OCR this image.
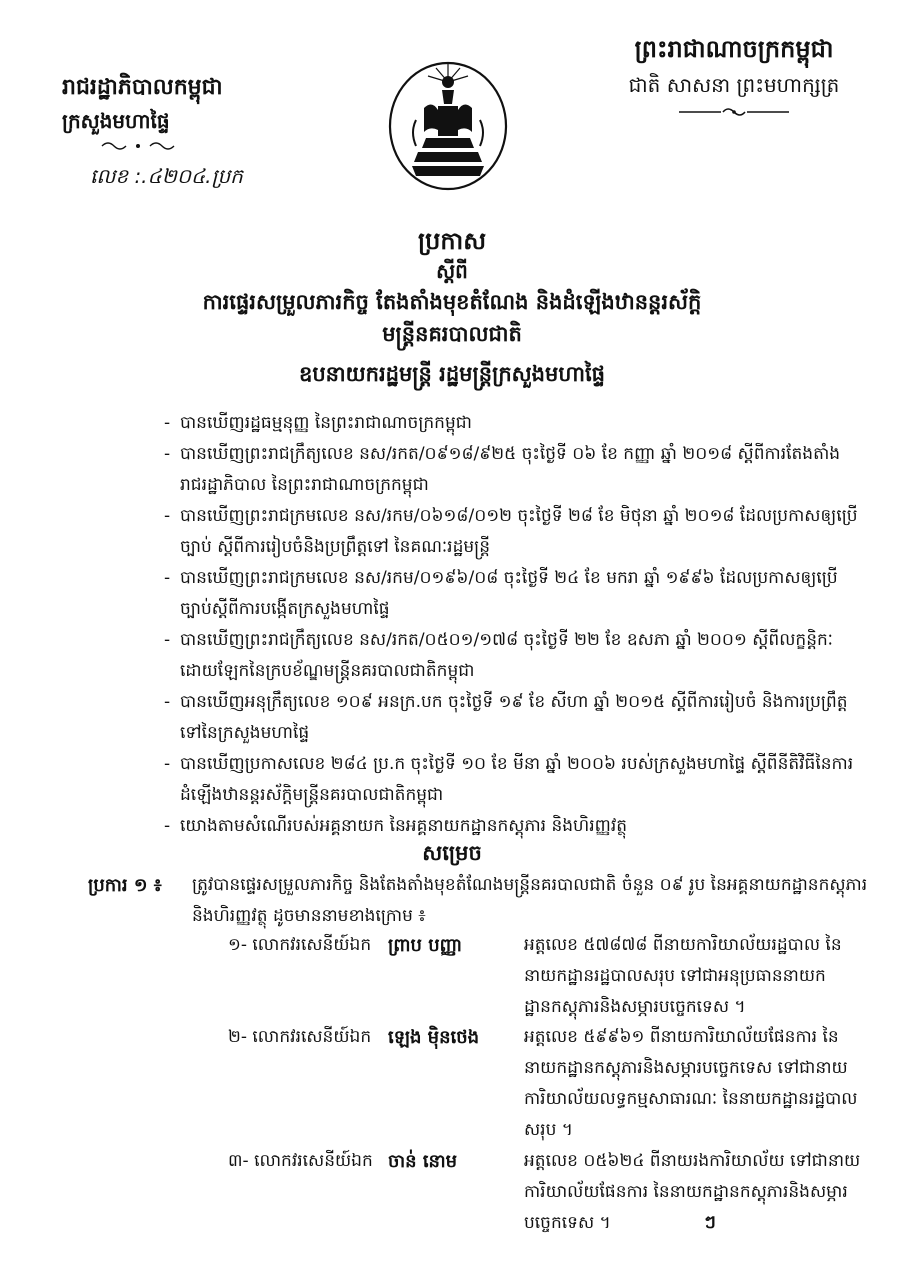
ព្រះរាជាណាចក្រកម្ពុជា
ជាតិ សាសនា ព្រះមហាក្សត្រ
រាជរដ្ឋាភិបាលកម្ពុជា
ក្រសួងមហាផ្ទៃ
លេខ :.៤២០៤.ប្រក
ប្រកាស
ស្ដីពី
ការផ្ទេរសម្រួលភារកិច្ច តែងតាំងមុខតំណែង និងដំឡើងឋានន្តរស័ក្តិ
មន្ត្រីនគរបាលជាតិ
ឧបនាយករដ្ឋមន្ត្រី រដ្ឋមន្ត្រីក្រសួងមហាផ្ទៃ
- បានឃើញរដ្ឋធម្មនុញ្ញ នៃព្រះរាជាណាចក្រកម្ពុជា
- បានឃើញព្រះរាជក្រឹត្យលេខ នស/រកត/០៩១៨/៩២៥ ចុះថ្ងៃទី ០៦ ខែ កញ្ញា ឆ្នាំ ២០១៨ ស្តីពីការតែងតាំងរាជរដ្ឋាភិបាល នៃព្រះរាជាណាចក្រកម្ពុជា
- បានឃើញព្រះរាជក្រមលេខ នស/រកម/០៦១៨/០១២ ចុះថ្ងៃទី ២៨ ខែ មិថុនា ឆ្នាំ ២០១៨ ដែលប្រកាសឲ្យប្រើច្បាប់ ស្តីពីការរៀបចំនិងប្រព្រឹត្តទៅ នៃគណៈរដ្ឋមន្ត្រី
- បានឃើញព្រះរាជក្រមលេខ នស/រកម/០១៩៦/០៨ ចុះថ្ងៃទី ២៤ ខែ មករា ឆ្នាំ ១៩៩៦ ដែលប្រកាសឲ្យប្រើច្បាប់ស្តីពីការបង្កើតក្រសួងមហាផ្ទៃ
- បានឃើញព្រះរាជក្រឹត្យលេខ នស/រកត/០៥០១/១៧៨ ចុះថ្ងៃទី ២២ ខែ ឧសភា ឆ្នាំ ២០០១ ស្តីពីលក្ខន្តិកៈដោយឡែកនៃក្របខ័ណ្ឌមន្ត្រីនគរបាលជាតិកម្ពុជា
- បានឃើញអនុក្រឹត្យលេខ ១០៩ អនក្រ.បក ចុះថ្ងៃទី ១៩ ខែ សីហា ឆ្នាំ ២០១៥ ស្តីពីការរៀបចំ និងការប្រព្រឹត្តទៅនៃក្រសួងមហាផ្ទៃ
- បានឃើញប្រកាសលេខ ២៨៤ ប្រ.ក ចុះថ្ងៃទី ១០ ខែ មីនា ឆ្នាំ ២០០៦ របស់ក្រសួងមហាផ្ទៃ ស្តីពីនីតិវិធីនៃការដំឡើងឋានន្តរស័ក្តិមន្ត្រីនគរបាលជាតិកម្ពុជា
- យោងតាមសំណើរបស់អគ្គនាយក នៃអគ្គនាយកដ្ឋានកស្តុភារ និងហិរញ្ញវត្ថុ
សម្រេច
ប្រការ ១ ៖	ត្រូវបានផ្ទេរសម្រួលភារកិច្ច និងតែងតាំងមុខតំណែងមន្ត្រីនគរបាលជាតិ ចំនួន ០៩ រូប នៃអគ្គនាយកដ្ឋានកស្តុភារ និងហិរញ្ញវត្ថុ ដូចមាននាមខាងក្រោម ៖
១- លោកវរសេនីយ៍ឯក ព្រាប បញ្ញា	អត្តលេខ ៥៧៨៧៨ ពីនាយការិយាល័យរដ្ឋបាល នៃនាយកដ្ឋានរដ្ឋបាលសរុប ទៅជាអនុប្រធាននាយកដ្ឋានកស្តុភារនិងសម្ភារបច្ចេកទេស ។
២- លោកវរសេនីយ៍ឯក ឡេង ម៉ិនថេង	អត្តលេខ ៥៩៩៦១ ពីនាយការិយាល័យផែនការ នៃនាយកដ្ឋានកស្តុភារនិងសម្ភារបច្ចេកទេស ទៅជានាយការិយាល័យលទ្ធកម្មសាធារណៈ នៃនាយកដ្ឋានរដ្ឋបាលសរុប ។
៣- លោកវរសេនីយ៍ឯក ចាន់ នោម	អត្តលេខ ០៥៦២៤ ពីនាយរងការិយាល័យ ទៅជានាយការិយាល័យផែនការ នៃនាយកដ្ឋានកស្តុភារនិងសម្ភារបច្ចេកទេស ។	ៗ
